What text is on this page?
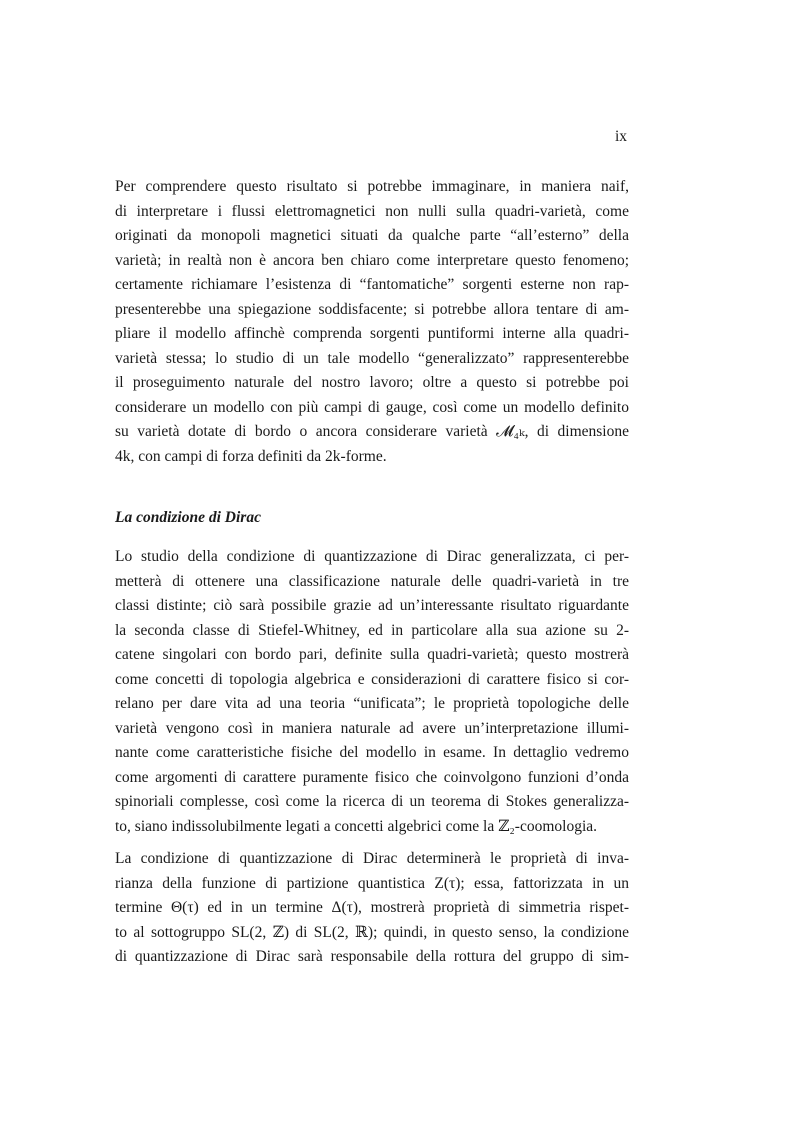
ix
Per comprendere questo risultato si potrebbe immaginare, in maniera naif,
di interpretare i flussi elettromagnetici non nulli sulla quadri-varietà, come
originati da monopoli magnetici situati da qualche parte “all’esterno” della
varietà; in realtà non è ancora ben chiaro come interpretare questo fenomeno;
certamente richiamare l’esistenza di “fantomatiche” sorgenti esterne non rap-
presenterebbe una spiegazione soddisfacente; si potrebbe allora tentare di am-
pliare il modello affinchè comprenda sorgenti puntiformi interne alla quadri-
varietà stessa; lo studio di un tale modello “generalizzato” rappresenterebbe
il proseguimento naturale del nostro lavoro; oltre a questo si potrebbe poi
considerare un modello con più campi di gauge, così come un modello definito
su varietà dotate di bordo o ancora considerare varietà 𝓜₄ₖ, di dimensione
4k, con campi di forza definiti da 2k-forme.
La condizione di Dirac
Lo studio della condizione di quantizzazione di Dirac generalizzata, ci per-
metterà di ottenere una classificazione naturale delle quadri-varietà in tre
classi distinte; ciò sarà possibile grazie ad un’interessante risultato riguardante
la seconda classe di Stiefel-Whitney, ed in particolare alla sua azione su 2-
catene singolari con bordo pari, definite sulla quadri-varietà; questo mostrerà
come concetti di topologia algebrica e considerazioni di carattere fisico si cor-
relano per dare vita ad una teoria “unificata”; le proprietà topologiche delle
varietà vengono così in maniera naturale ad avere un’interpretazione illumi-
nante come caratteristiche fisiche del modello in esame. In dettaglio vedremo
come argomenti di carattere puramente fisico che coinvolgono funzioni d’onda
spinoriali complesse, così come la ricerca di un teorema di Stokes generalizza-
to, siano indissolubilmente legati a concetti algebrici come la ℤ₂-coomologia.
La condizione di quantizzazione di Dirac determinerà le proprietà di inva-
rianza della funzione di partizione quantistica Z(τ); essa, fattorizzata in un
termine Θ(τ) ed in un termine Δ(τ), mostrerà proprietà di simmetria rispet-
to al sottogruppo SL(2, ℤ) di SL(2, ℝ); quindi, in questo senso, la condizione
di quantizzazione di Dirac sarà responsabile della rottura del gruppo di sim-
